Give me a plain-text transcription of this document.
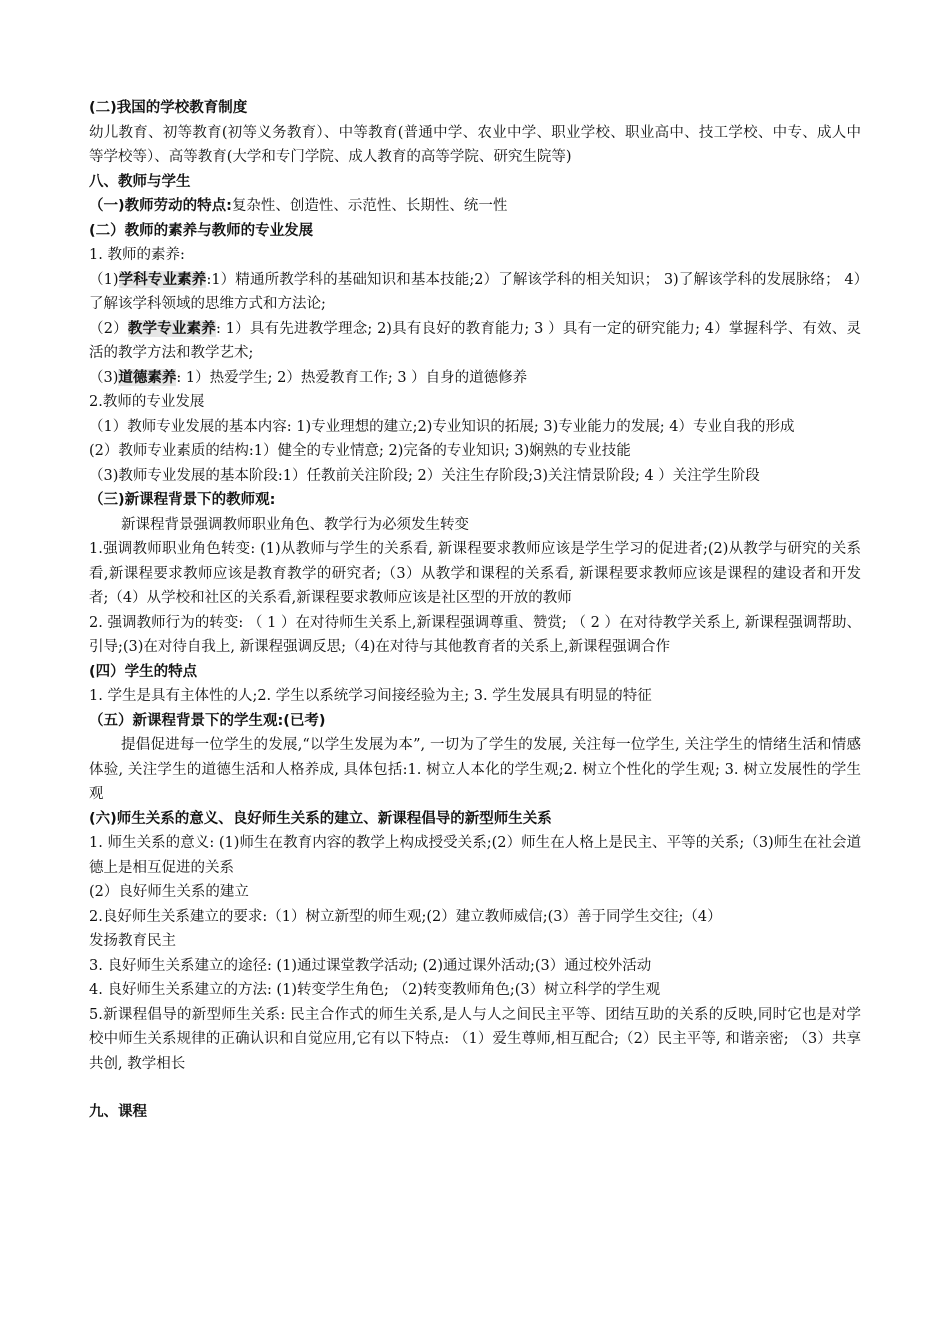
(二)我国的学校教育制度
幼儿教育、初等教育(初等义务教育）、中等教育(普通中学、农业中学、职业学校、职业高中、技工学校、中专、成人中等学校等）、高等教育(大学和专门学院、成人教育的高等学院、研究生院等)
八、教师与学生
（一)教师劳动的特点:复杂性、创造性、示范性、长期性、统一性
(二）教师的素养与教师的专业发展
1. 教师的素养:
（1)学科专业素养:1）精通所教学科的基础知识和基本技能;2）了解该学科的相关知识； 3)了解该学科的发展脉络； 4）了解该学科领域的思维方式和方法论;
（2）教学专业素养: 1）具有先进教学理念; 2)具有良好的教育能力; 3 ）具有一定的研究能力; 4）掌握科学、有效、灵活的教学方法和教学艺术;
（3)道德素养: 1）热爱学生; 2）热爱教育工作; 3 ）自身的道德修养
2.教师的专业发展
（1）教师专业发展的基本内容: 1)专业理想的建立;2)专业知识的拓展; 3)专业能力的发展; 4）专业自我的形成
(2）教师专业素质的结构:1）健全的专业情意; 2)完备的专业知识; 3)娴熟的专业技能
（3)教师专业发展的基本阶段:1）任教前关注阶段; 2）关注生存阶段;3)关注情景阶段; 4 ）关注学生阶段
（三)新课程背景下的教师观:
新课程背景强调教师职业角色、教学行为必须发生转变
1.强调教师职业角色转变: (1)从教师与学生的关系看, 新课程要求教师应该是学生学习的促进者;(2)从教学与研究的关系看,新课程要求教师应该是教育教学的研究者;（3）从教学和课程的关系看, 新课程要求教师应该是课程的建设者和开发者;（4）从学校和社区的关系看,新课程要求教师应该是社区型的开放的教师
2. 强调教师行为的转变: （ 1 ）在对待师生关系上,新课程强调尊重、赞赏; （ 2 ）在对待教学关系上, 新课程强调帮助、引导;(3)在对待自我上, 新课程强调反思;（4)在对待与其他教育者的关系上,新课程强调合作
(四）学生的特点
1. 学生是具有主体性的人;2. 学生以系统学习间接经验为主; 3. 学生发展具有明显的特征
（五）新课程背景下的学生观:(已考)
提倡促进每一位学生的发展,“以学生发展为本”, 一切为了学生的发展, 关注每一位学生, 关注学生的情绪生活和情感体验, 关注学生的道德生活和人格养成, 具体包括:1. 树立人本化的学生观;2. 树立个性化的学生观; 3. 树立发展性的学生观
(六)师生关系的意义、良好师生关系的建立、新课程倡导的新型师生关系
1. 师生关系的意义: (1)师生在教育内容的教学上构成授受关系;(2）师生在人格上是民主、平等的关系;（3)师生在社会道德上是相互促进的关系
(2）良好师生关系的建立
2.良好师生关系建立的要求:（1）树立新型的师生观;(2）建立教师威信;(3）善于同学生交往;（4）
发扬教育民主
3. 良好师生关系建立的途径: (1)通过课堂教学活动; (2)通过课外活动;(3）通过校外活动
4. 良好师生关系建立的方法: (1)转变学生角色; （2)转变教师角色;(3）树立科学的学生观
5.新课程倡导的新型师生关系: 民主合作式的师生关系,是人与人之间民主平等、团结互助的关系的反映,同时它也是对学校中师生关系规律的正确认识和自觉应用,它有以下特点: （1）爱生尊师,相互配合;（2）民主平等, 和谐亲密; （3）共享共创, 教学相长
九、课程
